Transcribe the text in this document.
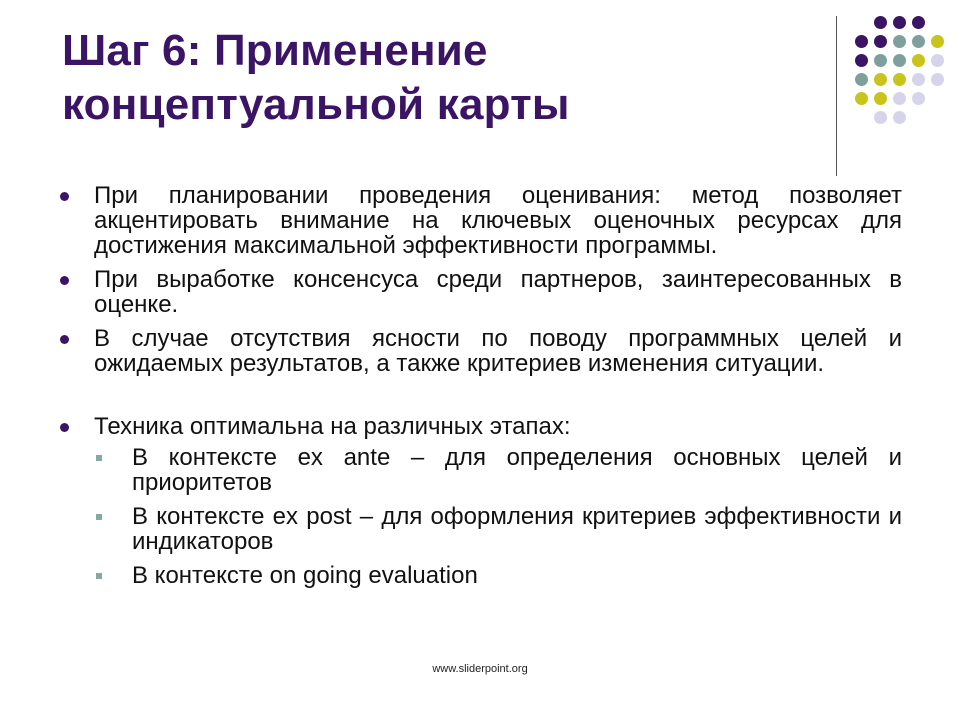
Шаг 6: Применение концептуальной карты
При планировании проведения оценивания: метод позволяет акцентировать внимание на ключевых оценочных ресурсах для достижения максимальной эффективности программы.
При выработке консенсуса среди партнеров, заинтересованных в оценке.
В случае отсутствия ясности по поводу программных целей и ожидаемых результатов, а также критериев изменения ситуации.
Техника оптимальна на различных этапах:
В контексте ex ante – для определения основных целей и приоритетов
В контексте ex post – для оформления критериев эффективности и индикаторов
В контексте on going evaluation
www.sliderpoint.org
